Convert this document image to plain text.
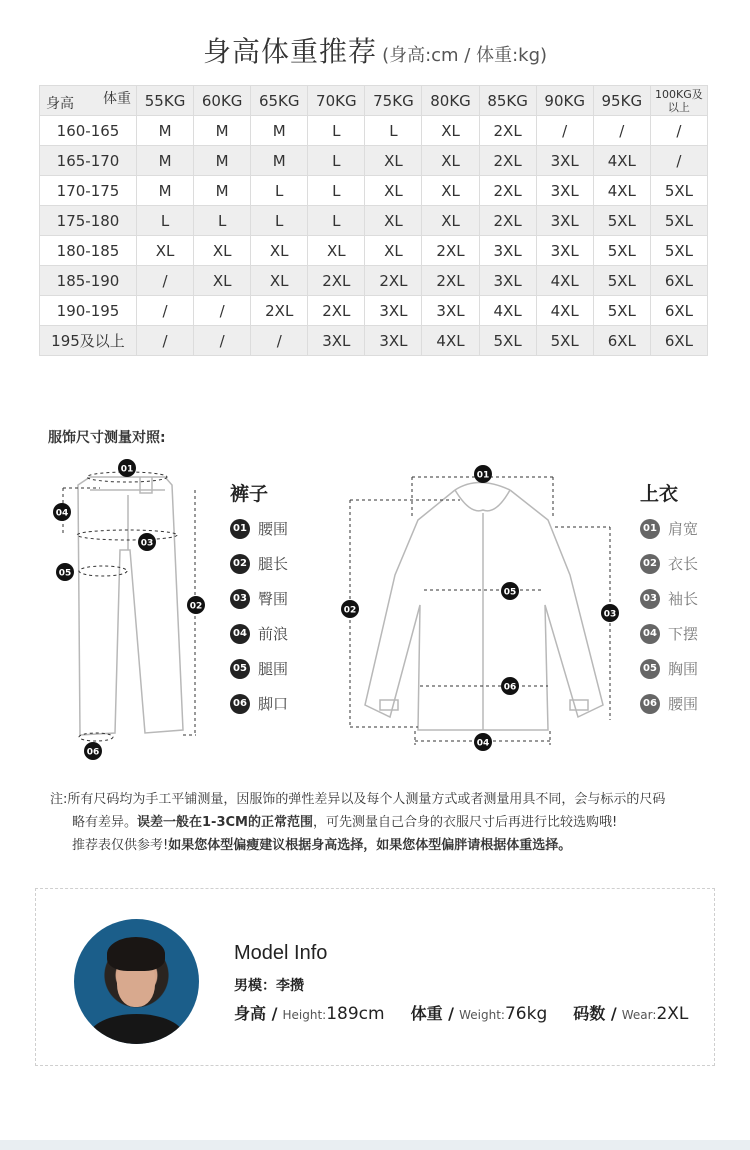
身高体重推荐 (身高:cm / 体重:kg)
体重
身高	55KG	60KG	65KG	70KG	75KG	80KG	85KG	90KG	95KG	100KG及以上
160-165	M	M	M	L	L	XL	2XL	/	/	/
165-170	M	M	M	L	XL	XL	2XL	3XL	4XL	/
170-175	M	M	L	L	XL	XL	2XL	3XL	4XL	5XL
175-180	L	L	L	L	XL	XL	2XL	3XL	5XL	5XL
180-185	XL	XL	XL	XL	XL	2XL	3XL	3XL	5XL	5XL
185-190	/	XL	XL	2XL	2XL	2XL	3XL	4XL	5XL	6XL
190-195	/	/	2XL	2XL	3XL	3XL	4XL	4XL	5XL	6XL
195及以上	/	/	/	3XL	3XL	4XL	5XL	5XL	6XL	6XL
服饰尺寸测量对照:
01
04
03
05
02
06
01
05
02	03
06
04
裤子
01 腰围
02 腿长
03 臀围
04 前浪
05 腿围
06 脚口
上衣
01 肩宽
02 衣长
03 袖长
04 下摆
05 胸围
06 腰围
注:所有尺码均为手工平铺测量，因服饰的弹性差异以及每个人测量方式或者测量用具不同，会与标示的尺码
略有差异。误差一般在1-3CM的正常范围，可先测量自己合身的衣服尺寸后再进行比较选购哦!
推荐表仅供参考!如果您体型偏瘦建议根据身高选择，如果您体型偏胖请根据体重选择。
Model Info
男模：李攒
身高 / Height:189cm 体重 / Weight:76kg 码数 / Wear:2XL
